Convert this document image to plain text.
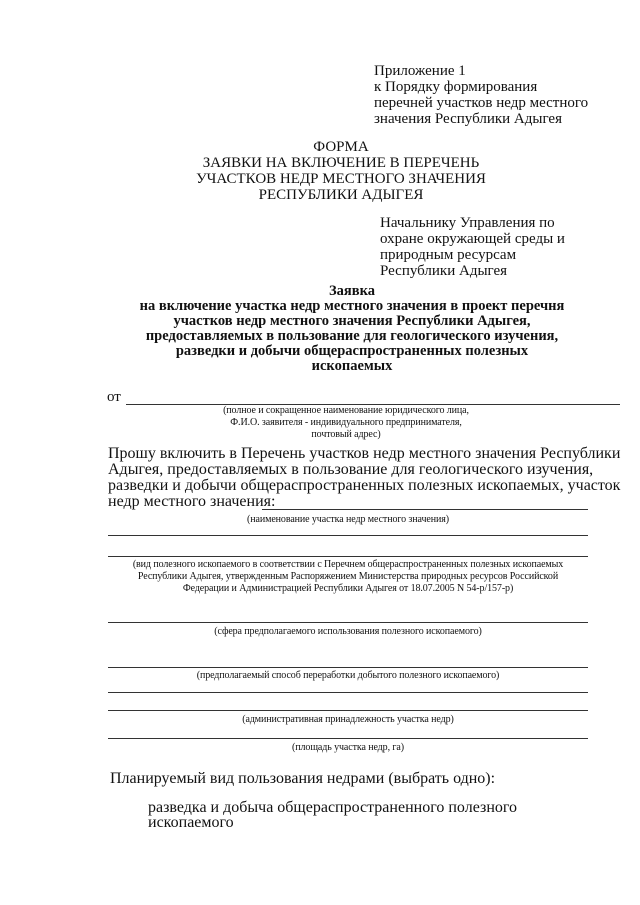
Приложение 1
к Порядку формирования
перечней участков недр местного
значения Республики Адыгея
ФОРМА
ЗАЯВКИ НА ВКЛЮЧЕНИЕ В ПЕРЕЧЕНЬ
УЧАСТКОВ НЕДР МЕСТНОГО ЗНАЧЕНИЯ
РЕСПУБЛИКИ АДЫГЕЯ
Начальнику Управления по
охране окружающей среды и
природным ресурсам
Республики Адыгея
Заявка
на включение участка недр местного значения в проект перечня
участков недр местного значения Республики Адыгея,
предоставляемых в пользование для геологического изучения,
разведки и добычи общераспространенных полезных
ископаемых
от
(полное и сокращенное наименование юридического лица,
Ф.И.О. заявителя - индивидуального предпринимателя,
почтовый адрес)
Прошу включить в Перечень участков недр местного значения Республики
Адыгея, предоставляемых в пользование для геологического изучения,
разведки и добычи общераспространенных полезных ископаемых, участок
недр местного значения:
(наименование участка недр местного значения)
(вид полезного ископаемого в соответствии с Перечнем общераспространенных полезных ископаемых
Республики Адыгея, утвержденным Распоряжением Министерства природных ресурсов Российской
Федерации и Администрацией Республики Адыгея от 18.07.2005 N 54-р/157-р)
(сфера предполагаемого использования полезного ископаемого)
(предполагаемый способ переработки добытого полезного ископаемого)
(административная принадлежность участка недр)
(площадь участка недр, га)
Планируемый вид пользования недрами (выбрать одно):
разведка и добыча общераспространенного полезного
ископаемого
